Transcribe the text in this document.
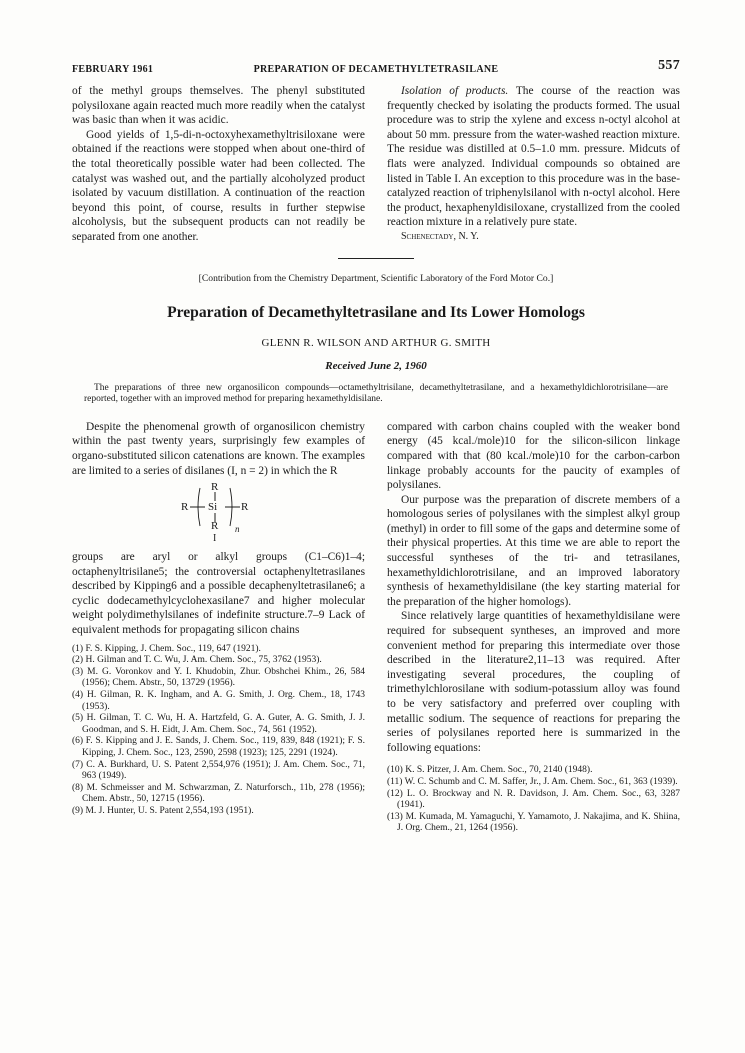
FEBRUARY 1961	PREPARATION OF DECAMETHYLTETRASILANE	557

of the methyl groups themselves. The phenyl substituted polysiloxane again reacted much more readily when the catalyst was basic than when it was acidic.

Good yields of 1,5-di-n-octoxyhexamethyltrisiloxane were obtained if the reactions were stopped when about one-third of the total theoretically possible water had been collected. The catalyst was washed out, and the partially alcoholyzed product isolated by vacuum distillation. A continuation of the reaction beyond this point, of course, results in further stepwise alcoholysis, but the subsequent products can not readily be separated from one another.

Isolation of products. The course of the reaction was frequently checked by isolating the products formed. The usual procedure was to strip the xylene and excess n-octyl alcohol at about 50 mm. pressure from the water-washed reaction mixture. The residue was distilled at 0.5–1.0 mm. pressure. Midcuts of flats were analyzed. Individual compounds so obtained are listed in Table I. An exception to this procedure was in the base-catalyzed reaction of triphenylsilanol with n-octyl alcohol. Here the product, hexaphenyldisiloxane, crystallized from the cooled reaction mixture in a relatively pure state.

Schenectady, N. Y.

[Contribution from the Chemistry Department, Scientific Laboratory of the Ford Motor Co.]
Preparation of Decamethyltetrasilane and Its Lower Homologs
GLENN R. WILSON AND ARTHUR G. SMITH
Received June 2, 1960
The preparations of three new organosilicon compounds—octamethyltrisilane, decamethyltetrasilane, and a hexamethyldichlorotrisilane—are reported, together with an improved method for preparing hexamethyldisilane.

Despite the phenomenal growth of organosilicon chemistry within the past twenty years, surprisingly few examples of organo-substituted silicon catenations are known. The examples are limited to a series of disilanes (I, n = 2) in which the R

R
R Si R
R n
I

groups are aryl or alkyl groups (C1–C6)1–4; octaphenyltrisilane5; the controversial octaphenyltetrasilanes described by Kipping6 and a possible decaphenyltetrasilane6; a cyclic dodecamethylcyclohexasilane7 and higher molecular weight polydimethylsilanes of indefinite structure.7–9 Lack of equivalent methods for propagating silicon chains

(1) F. S. Kipping, J. Chem. Soc., 119, 647 (1921).
(2) H. Gilman and T. C. Wu, J. Am. Chem. Soc., 75, 3762 (1953).
(3) M. G. Voronkov and Y. I. Khudobin, Zhur. Obshchei Khim., 26, 584 (1956); Chem. Abstr., 50, 13729 (1956).
(4) H. Gilman, R. K. Ingham, and A. G. Smith, J. Org. Chem., 18, 1743 (1953).
(5) H. Gilman, T. C. Wu, H. A. Hartzfeld, G. A. Guter, A. G. Smith, J. J. Goodman, and S. H. Eidt, J. Am. Chem. Soc., 74, 561 (1952).
(6) F. S. Kipping and J. E. Sands, J. Chem. Soc., 119, 839, 848 (1921); F. S. Kipping, J. Chem. Soc., 123, 2590, 2598 (1923); 125, 2291 (1924).
(7) C. A. Burkhard, U. S. Patent 2,554,976 (1951); J. Am. Chem. Soc., 71, 963 (1949).
(8) M. Schmeisser and M. Schwarzman, Z. Naturforsch., 11b, 278 (1956); Chem. Abstr., 50, 12715 (1956).
(9) M. J. Hunter, U. S. Patent 2,554,193 (1951).

compared with carbon chains coupled with the weaker bond energy (45 kcal./mole)10 for the silicon-silicon linkage compared with that (80 kcal./mole)10 for the carbon-carbon linkage probably accounts for the paucity of examples of polysilanes.

Our purpose was the preparation of discrete members of a homologous series of polysilanes with the simplest alkyl group (methyl) in order to fill some of the gaps and determine some of their physical properties. At this time we are able to report the successful syntheses of the tri- and tetrasilanes, hexamethyldichlorotrisilane, and an improved laboratory synthesis of hexamethyldisilane (the key starting material for the preparation of the higher homologs).

Since relatively large quantities of hexamethyldisilane were required for subsequent syntheses, an improved and more convenient method for preparing this intermediate over those described in the literature2,11–13 was required. After investigating several procedures, the coupling of trimethylchlorosilane with sodium-potassium alloy was found to be very satisfactory and preferred over coupling with metallic sodium. The sequence of reactions for preparing the series of polysilanes reported here is summarized in the following equations:

(10) K. S. Pitzer, J. Am. Chem. Soc., 70, 2140 (1948).
(11) W. C. Schumb and C. M. Saffer, Jr., J. Am. Chem. Soc., 61, 363 (1939).
(12) L. O. Brockway and N. R. Davidson, J. Am. Chem. Soc., 63, 3287 (1941).
(13) M. Kumada, M. Yamaguchi, Y. Yamamoto, J. Nakajima, and K. Shiina, J. Org. Chem., 21, 1264 (1956).
